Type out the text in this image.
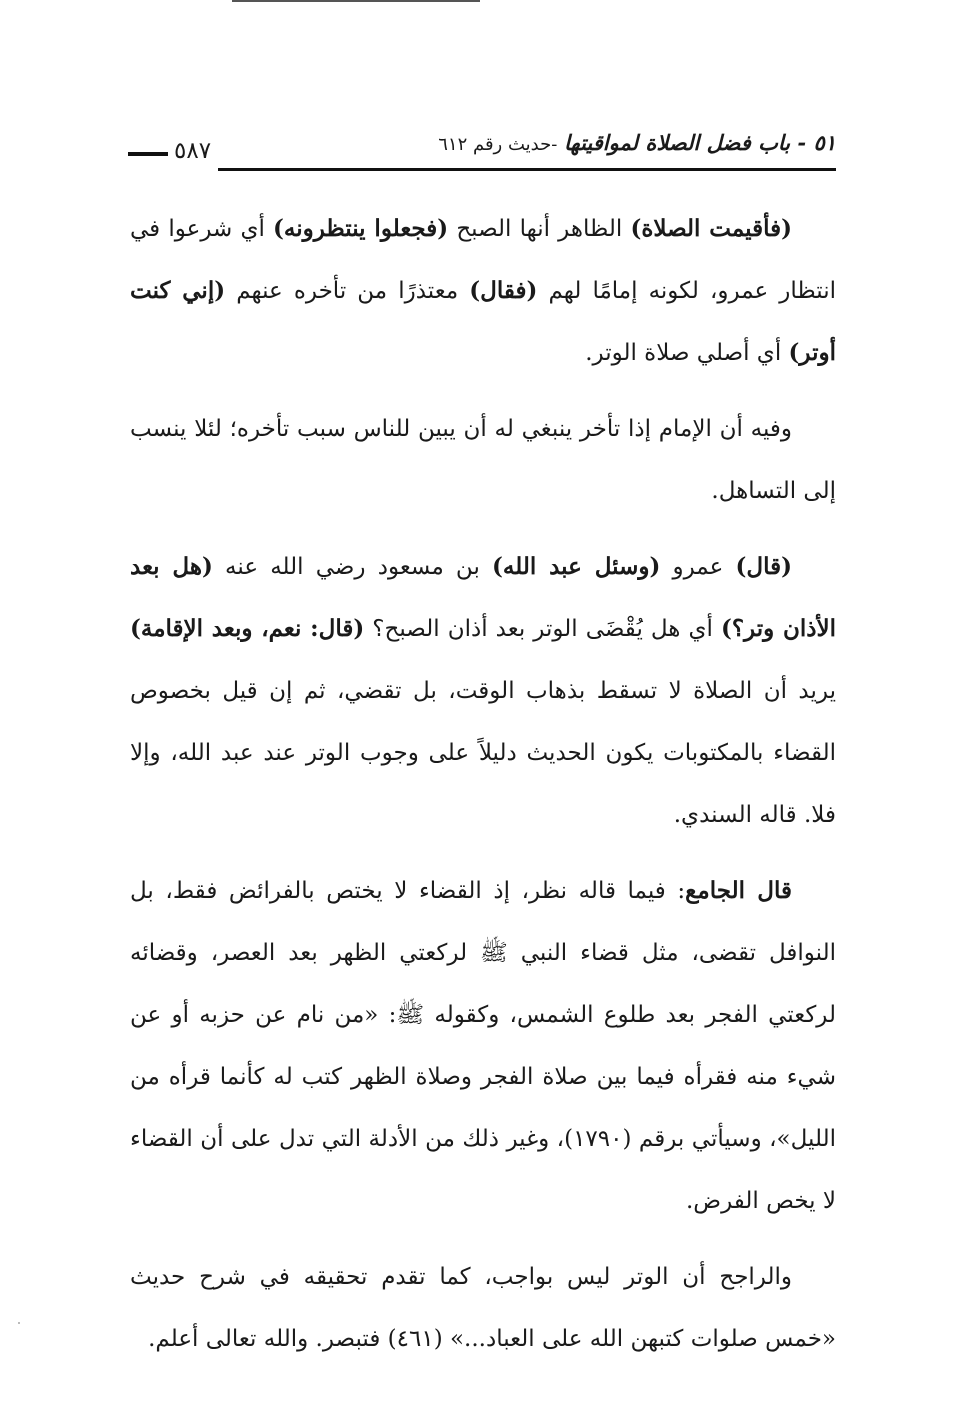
٥٨٧	٥١ - باب فضل الصلاة لمواقيتها -حديث رقم ٦١٢

(فأقيمت الصلاة) الظاهر أنها الصبح (فجعلوا ينتظرونه) أي شرعوا في انتظار عمرو، لكونه إمامًا لهم (فقال) معتذرًا من تأخره عنهم (إني كنت أوتر) أي أصلي صلاة الوتر.

وفيه أن الإمام إذا تأخر ينبغي له أن يبين للناس سبب تأخره؛ لئلا ينسب إلى التساهل.

(قال) عمرو (وسئل عبد الله) بن مسعود رضي الله عنه (هل بعد الأذان وتر؟) أي هل يُقْضَى الوتر بعد أذان الصبح؟ (قال: نعم، وبعد الإقامة) يريد أن الصلاة لا تسقط بذهاب الوقت، بل تقضي، ثم إن قيل بخصوص القضاء بالمكتوبات يكون الحديث دليلاً على وجوب الوتر عند عبد الله، وإلا فلا. قاله السندي.

قال الجامع: فيما قاله نظر، إذ القضاء لا يختص بالفرائض فقط، بل النوافل تقضى، مثل قضاء النبي ﷺ لركعتي الظهر بعد العصر، وقضائه لركعتي الفجر بعد طلوع الشمس، وكقوله ﷺ: «من نام عن حزبه أو عن شيء منه فقرأه فيما بين صلاة الفجر وصلاة الظهر كتب له كأنما قرأه من الليل»، وسيأتي برقم (١٧٩٠)، وغير ذلك من الأدلة التي تدل على أن القضاء لا يخص الفرض.

والراجح أن الوتر ليس بواجب، كما تقدم تحقيقه في شرح حديث «خمس صلوات كتبهن الله على العباد...» (٤٦١) فتبصر. والله تعالى أعلم.
